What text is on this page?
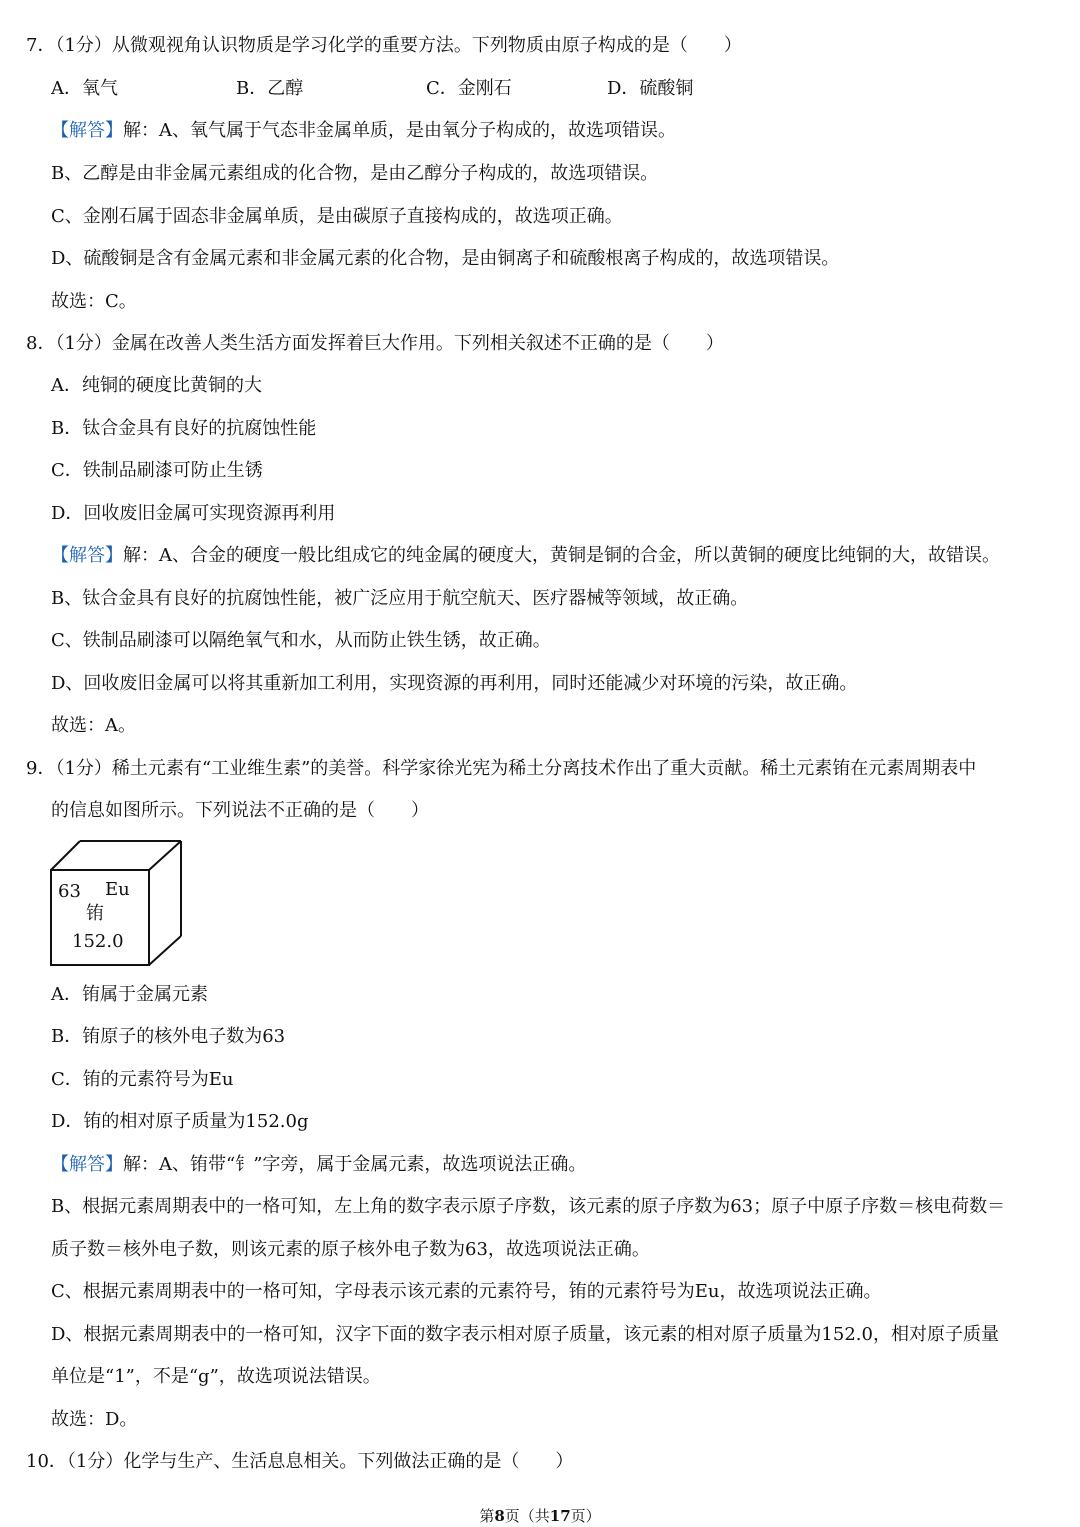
7．（1分）从微观视角认识物质是学习化学的重要方法。下列物质由原子构成的是（　　）
A．氧气	B．乙醇	C．金刚石	D．硫酸铜
【解答】解：A、氧气属于气态非金属单质，是由氧分子构成的，故选项错误。
B、乙醇是由非金属元素组成的化合物，是由乙醇分子构成的，故选项错误。
C、金刚石属于固态非金属单质，是由碳原子直接构成的，故选项正确。
D、硫酸铜是含有金属元素和非金属元素的化合物，是由铜离子和硫酸根离子构成的，故选项错误。
故选：C。
8．（1分）金属在改善人类生活方面发挥着巨大作用。下列相关叙述不正确的是（　　）
A．纯铜的硬度比黄铜的大
B．钛合金具有良好的抗腐蚀性能
C．铁制品刷漆可防止生锈
D．回收废旧金属可实现资源再利用
【解答】解：A、合金的硬度一般比组成它的纯金属的硬度大，黄铜是铜的合金，所以黄铜的硬度比纯铜的大，故错误。
B、钛合金具有良好的抗腐蚀性能，被广泛应用于航空航天、医疗器械等领域，故正确。
C、铁制品刷漆可以隔绝氧气和水，从而防止铁生锈，故正确。
D、回收废旧金属可以将其重新加工利用，实现资源的再利用，同时还能减少对环境的污染，故正确。
故选：A。
9．（1分）稀土元素有“工业维生素”的美誉。科学家徐光宪为稀土分离技术作出了重大贡献。稀土元素铕在元素周期表中
的信息如图所示。下列说法不正确的是（　　）
63 Eu
铕
152.0
A．铕属于金属元素
B．铕原子的核外电子数为63
C．铕的元素符号为Eu
D．铕的相对原子质量为152.0g
【解答】解：A、铕带“钅”字旁，属于金属元素，故选项说法正确。
B、根据元素周期表中的一格可知，左上角的数字表示原子序数，该元素的原子序数为63；原子中原子序数＝核电荷数＝
质子数＝核外电子数，则该元素的原子核外电子数为63，故选项说法正确。
C、根据元素周期表中的一格可知，字母表示该元素的元素符号，铕的元素符号为Eu，故选项说法正确。
D、根据元素周期表中的一格可知，汉字下面的数字表示相对原子质量，该元素的相对原子质量为152.0，相对原子质量
单位是“1”，不是“g”，故选项说法错误。
故选：D。
10．（1分）化学与生产、生活息息相关。下列做法正确的是（　　）
第8页（共17页）
